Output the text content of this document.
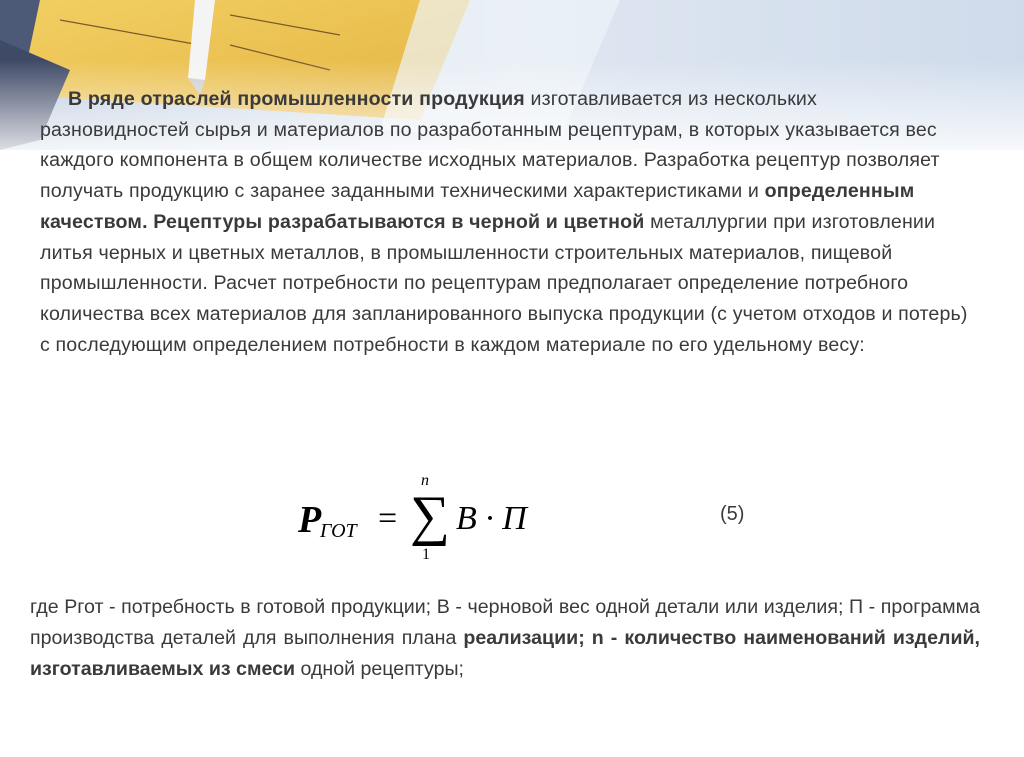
В ряде отраслей промышленности продукция изготавливается из нескольких разновидностей сырья и материалов по разработанным рецептурам, в которых указывается вес каждого компонента в общем количестве исходных материалов. Разработка рецептур позволяет получать продукцию с заранее заданными техническими характеристиками и определенным качеством. Рецептуры разрабатываются в черной и цветной металлургии при изготовлении литья черных и цветных металлов, в промышленности строительных материалов, пищевой промышленности. Расчет потребности по рецептурам предполагает определение потребного количества всех материалов для запланированного выпуска продукции (с учетом отходов и потерь) с последующим определением потребности в каждом материале по его удельному весу:

P
ГОТ =
n
∑
1
B · П	(5)
где Pгот - потребность в готовой продукции; В - черновой вес одной детали или изделия; П - программа производства деталей для выполнения плана реализации; n - количество наименований изделий, изготавливаемых из смеси одной рецептуры;
